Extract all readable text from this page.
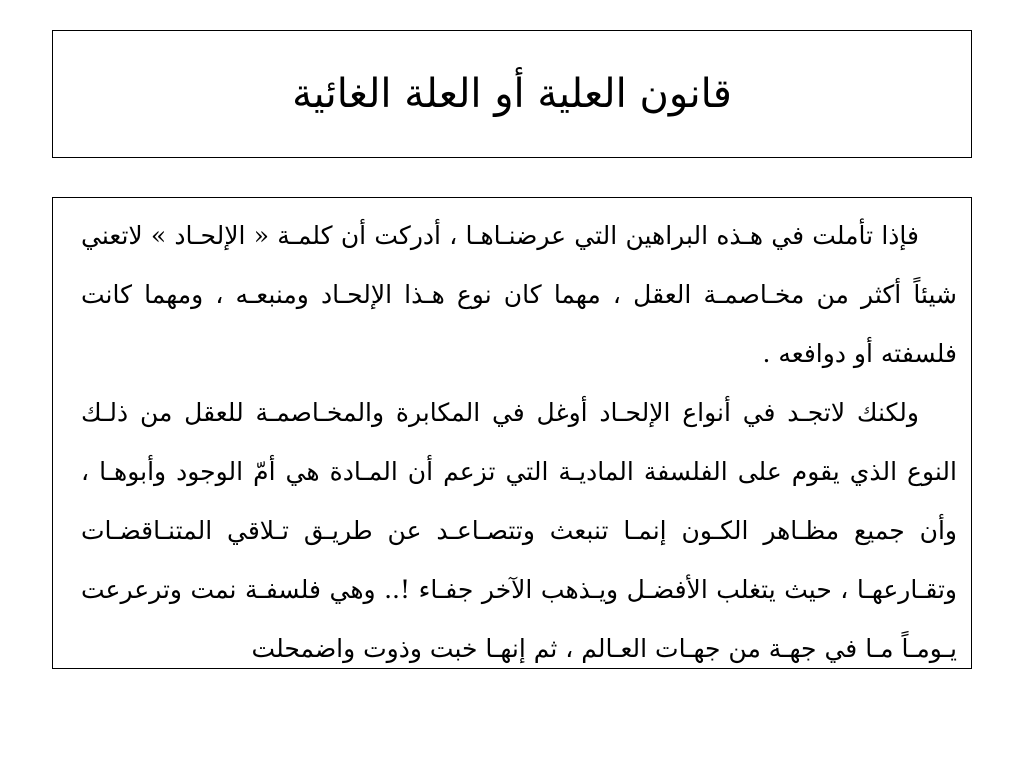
قانون العلية أو العلة الغائية

فإذا تأملت في هـذه البراهين التي عرضنـاهـا ، أدركت أن كلمـة « الإلحـاد » لاتعني شيئاً أكثر من مخـاصمـة العقل ، مهما كان نوع هـذا الإلحـاد ومنبعـه ، ومهما كانت فلسفته أو دوافعه .

ولكنك لاتجـد في أنواع الإلحـاد أوغل في المكابرة والمخـاصمـة للعقل من ذلـك النوع الذي يقوم على الفلسفة الماديـة التي تزعم أن المـادة هي أمّ الوجود وأبوهـا ، وأن جميع مظـاهر الكـون إنمـا تنبعث وتتصـاعـد عن طريـق تـلاقي المتنـاقضـات وتقـارعهـا ، حيث يتغلب الأفضـل ويـذهب الآخر جفـاء !.. وهي فلسفـة نمت وترعرعت يـومـاً مـا في جهـة من جهـات العـالم ، ثم إنهـا خبت وذوت واضمحلت
